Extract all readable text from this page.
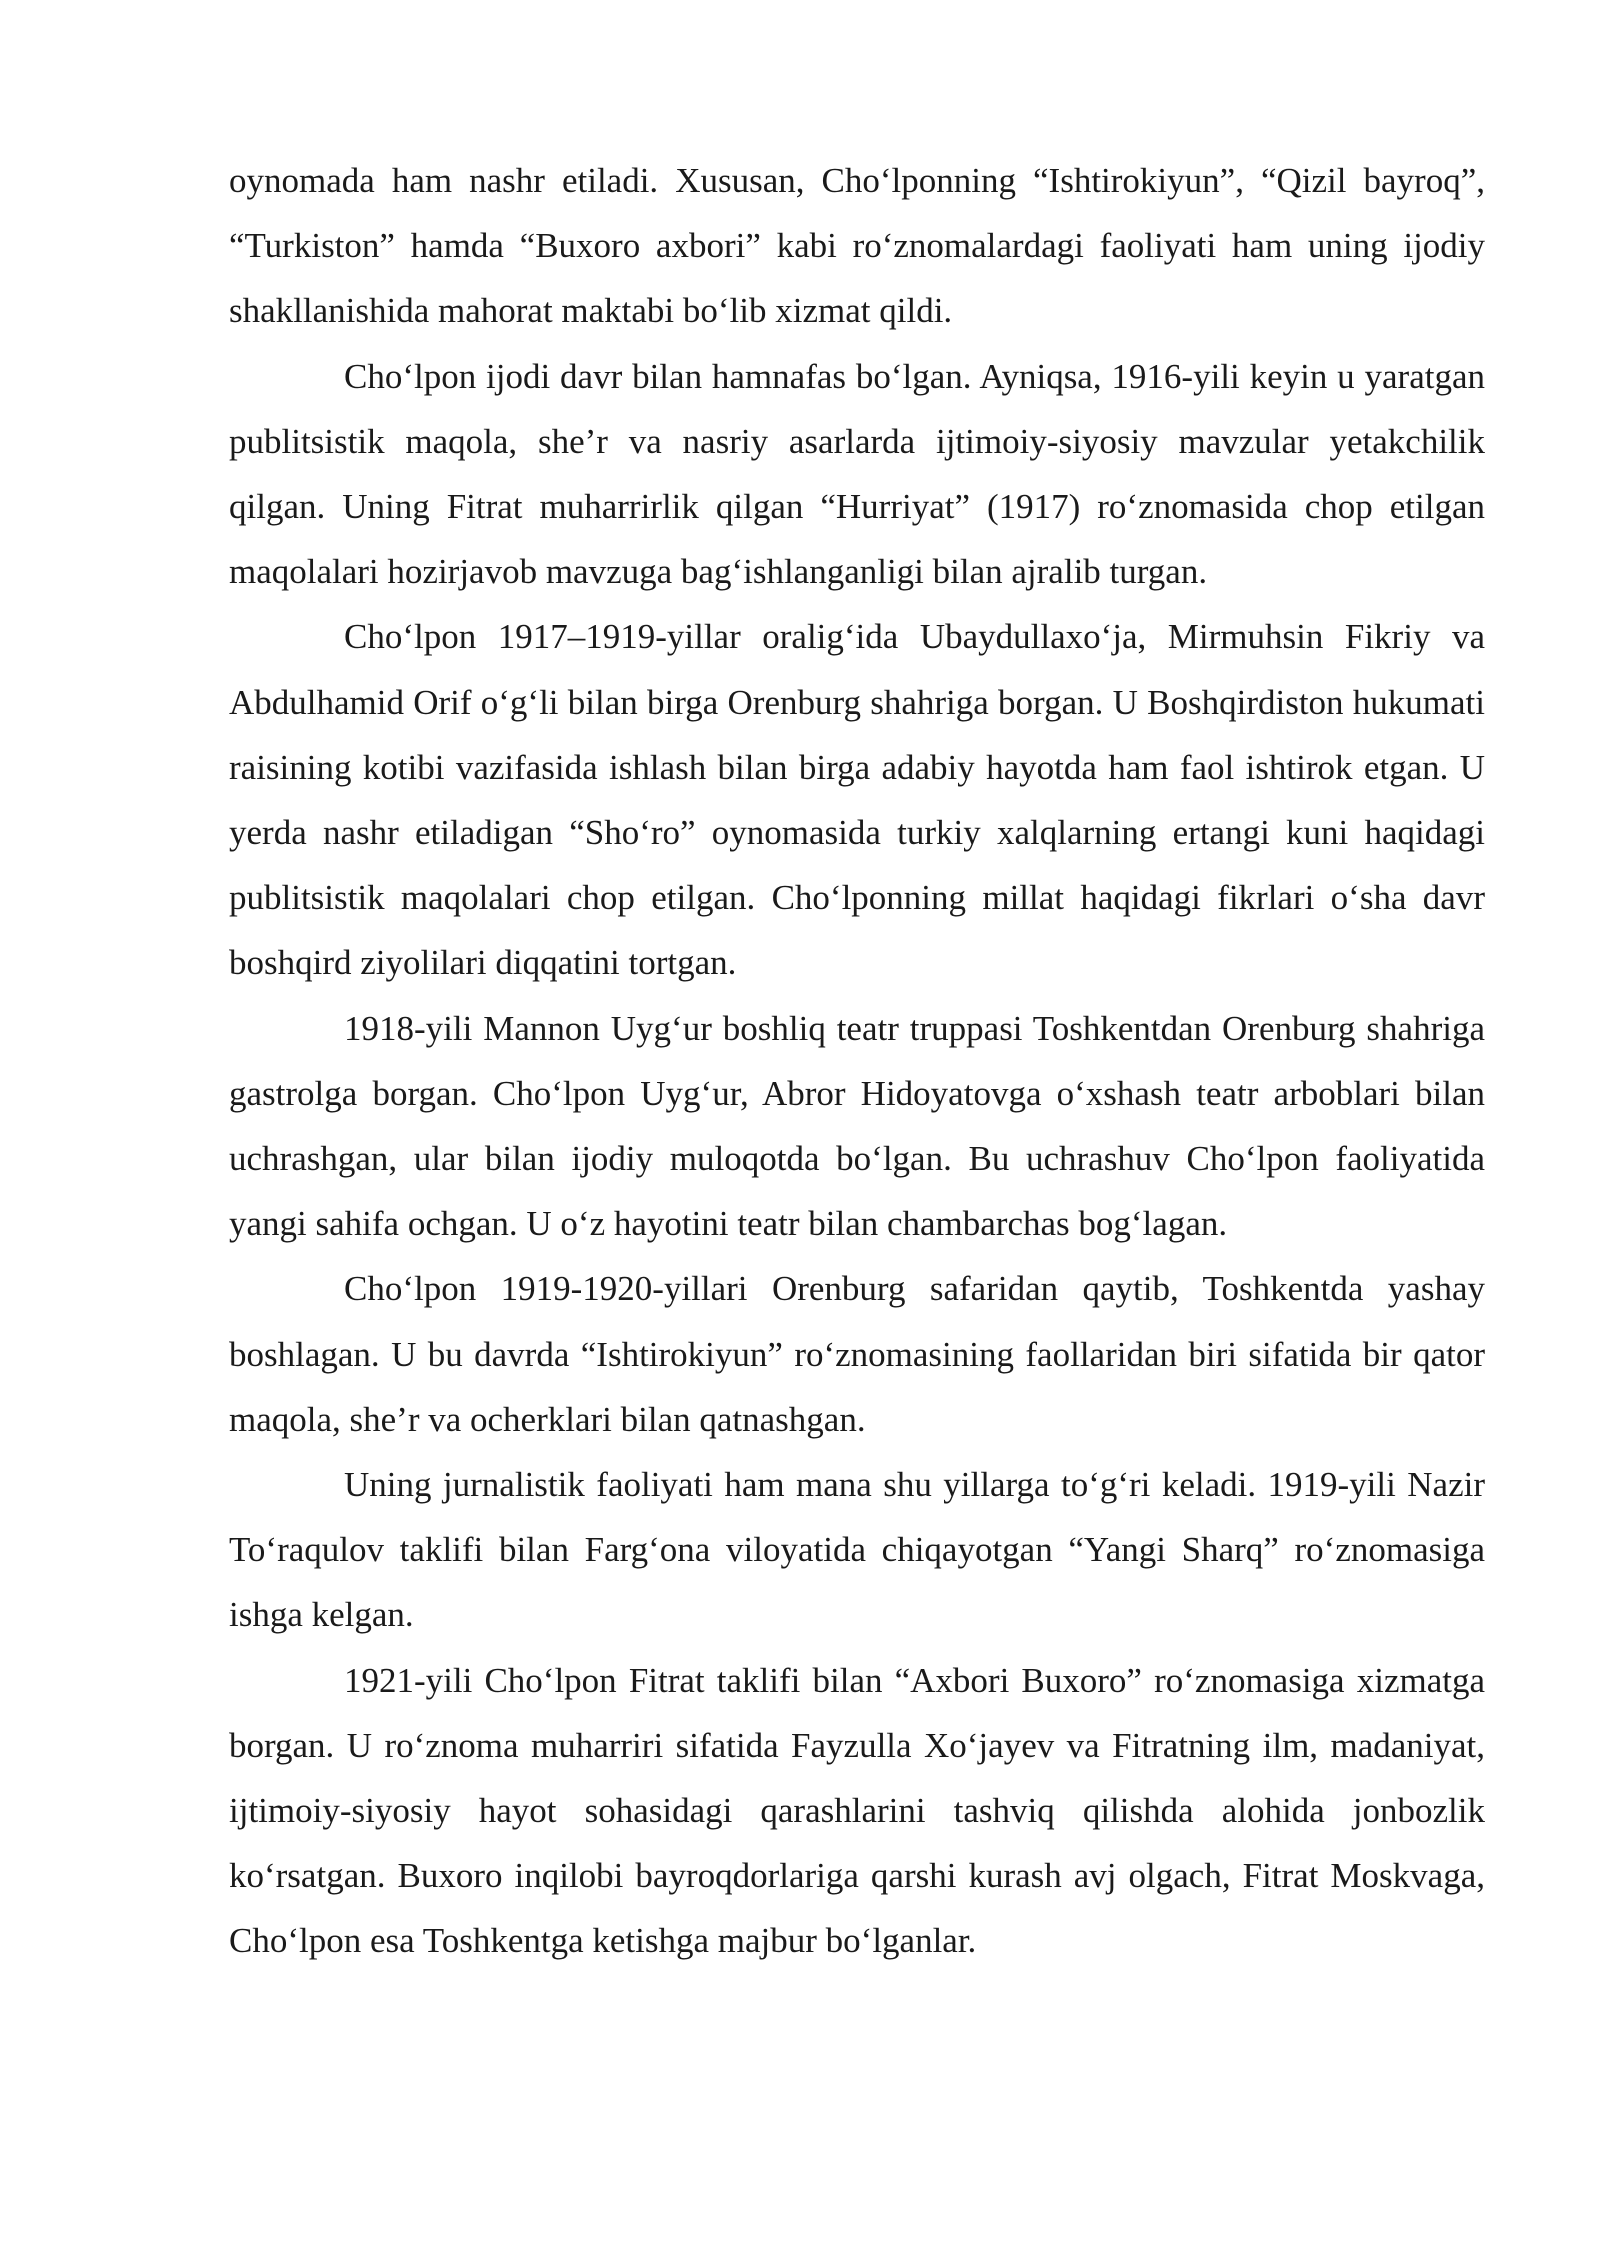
oynomada ham nashr etiladi. Xususan, Cho‘lponning “Ishtirokiyun”, “Qizil bayroq”, “Turkiston” hamda “Buxoro axbori” kabi ro‘znomalardagi faoliyati ham uning ijodiy shakllanishida mahorat maktabi bo‘lib xizmat qildi.

Cho‘lpon ijodi davr bilan hamnafas bo‘lgan. Ayniqsa, 1916-yili keyin u yaratgan publitsistik maqola, she’r va nasriy asarlarda ijtimoiy-siyosiy mavzular yetakchilik qilgan. Uning Fitrat muharrirlik qilgan “Hurriyat” (1917) ro‘znomasida chop etilgan maqolalari hozirjavob mavzuga bag‘ishlanganligi bilan ajralib turgan.

Cho‘lpon 1917–1919-yillar oralig‘ida Ubaydullaxo‘ja, Mirmuhsin Fikriy va Abdulhamid Orif o‘g‘li bilan birga Orenburg shahriga borgan. U Boshqirdiston hukumati raisining kotibi vazifasida ishlash bilan birga adabiy hayotda ham faol ishtirok etgan. U yerda nashr etiladigan “Sho‘ro” oynomasida turkiy xalqlarning ertangi kuni haqidagi publitsistik maqolalari chop etilgan. Cho‘lponning millat haqidagi fikrlari o‘sha davr boshqird ziyolilari diqqatini tortgan.

1918-yili Mannon Uyg‘ur boshliq teatr truppasi Toshkentdan Orenburg shahriga gastrolga borgan. Cho‘lpon Uyg‘ur, Abror Hidoyatovga o‘xshash teatr arboblari bilan uchrashgan, ular bilan ijodiy muloqotda bo‘lgan. Bu uchrashuv Cho‘lpon faoliyatida yangi sahifa ochgan. U o‘z hayotini teatr bilan chambarchas bog‘lagan.

Cho‘lpon 1919-1920-yillari Orenburg safaridan qaytib, Toshkentda yashay boshlagan. U bu davrda “Ishtirokiyun” ro‘znomasining faollaridan biri sifatida bir qator maqola, she’r va ocherklari bilan qatnashgan.

Uning jurnalistik faoliyati ham mana shu yillarga to‘g‘ri keladi. 1919-yili Nazir To‘raqulov taklifi bilan Farg‘ona viloyatida chiqayotgan “Yangi Sharq” ro‘znomasiga ishga kelgan.

1921-yili Cho‘lpon Fitrat taklifi bilan “Axbori Buxoro” ro‘znomasiga xizmatga borgan. U ro‘znoma muharriri sifatida Fayzulla Xo‘jayev va Fitratning ilm, madaniyat, ijtimoiy-siyosiy hayot sohasidagi qarashlarini tashviq qilishda alohida jonbozlik ko‘rsatgan. Buxoro inqilobi bayroqdorlariga qarshi kurash avj olgach, Fitrat Moskvaga, Cho‘lpon esa Toshkentga ketishga majbur bo‘lganlar.
